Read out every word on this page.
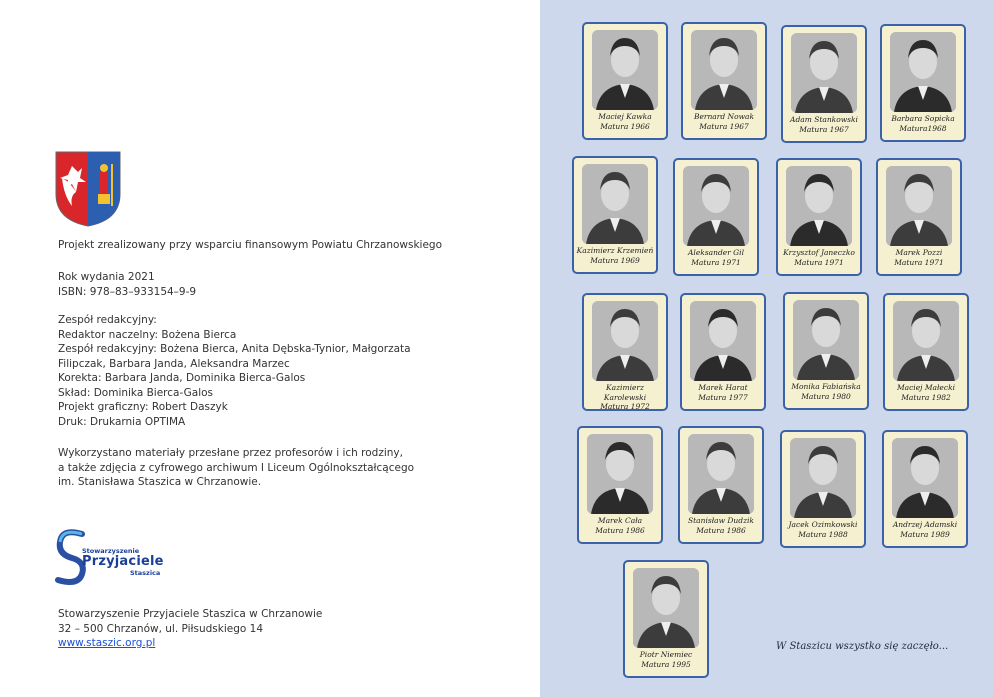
Projekt zrealizowany przy wsparciu finansowym Powiatu Chrzanowskiego
Rok wydania 2021
ISBN: 978–83–933154–9-9
Zespół redakcyjny:
Redaktor naczelny: Bożena Bierca
Zespół redakcyjny: Bożena Bierca, Anita Dębska-Tynior, Małgorzata
Filipczak, Barbara Janda, Aleksandra Marzec
Korekta: Barbara Janda, Dominika Bierca-Galos
Skład: Dominika Bierca-Galos
Projekt graficzny: Robert Daszyk
Druk: Drukarnia OPTIMA
Wykorzystano materiały przesłane przez profesorów i ich rodziny,
a także zdjęcia z cyfrowego archiwum I Liceum Ogólnokształcącego
im. Stanisława Staszica w Chrzanowie.
Stowarzyszenie
Przyjaciele
Staszica
Stowarzyszenie Przyjaciele Staszica w Chrzanowie
32 – 500 Chrzanów, ul. Piłsudskiego 14
www.staszic.org.pl
Maciej Kawka
Matura 1966
Bernard Nowak
Matura 1967
Adam Stankowski
Matura 1967
Barbara Sopicka
Matura1968
Kazimierz Krzemień
Matura 1969
Aleksander Gil
Matura 1971
Krzysztof Janeczko
Matura 1971
Marek Pozzi
Matura 1971
Kazimierz Karolewski
Matura 1972
Marek Harat
Matura 1977
Monika Fabiańska
Matura 1980
Maciej Małecki
Matura 1982
Marek Cała
Matura 1986
Stanisław Dudzik
Matura 1986
Jacek Ozimkowski
Matura 1988
Andrzej Adamski
Matura 1989
Piotr Niemiec
Matura 1995
W Staszicu wszystko się zaczęło...
